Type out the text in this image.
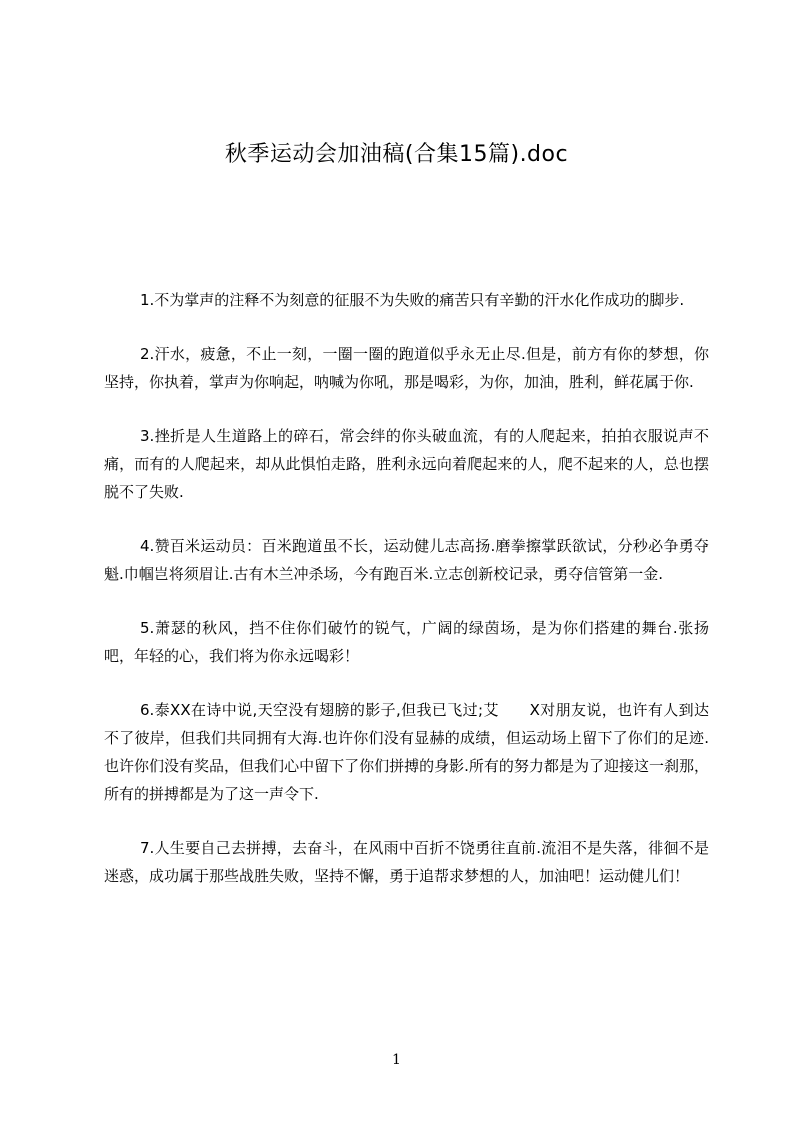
秋季运动会加油稿(合集15篇).doc

1.不为掌声的注释不为刻意的征服不为失败的痛苦只有辛勤的汗水化作成功的脚步.

2.汗水，疲惫，不止一刻，一圈一圈的跑道似乎永无止尽.但是，前方有你的梦想，你坚持，你执着，掌声为你响起，呐喊为你吼，那是喝彩，为你，加油，胜利，鲜花属于你.

3.挫折是人生道路上的碎石，常会绊的你头破血流，有的人爬起来，拍拍衣服说声不痛，而有的人爬起来，却从此惧怕走路，胜利永远向着爬起来的人，爬不起来的人，总也摆脱不了失败.

4.赞百米运动员：百米跑道虽不长，运动健儿志高扬.磨拳擦掌跃欲试，分秒必争勇夺魁.巾帼岂将须眉让.古有木兰冲杀场，今有跑百米.立志创新校记录，勇夺信管第一金.

5.萧瑟的秋风，挡不住你们破竹的锐气，广阔的绿茵场，是为你们搭建的舞台.张扬吧，年轻的心，我们将为你永远喝彩！

6.泰XX在诗中说,天空没有翅膀的影子,但我已飞过;艾　　X对朋友说，也许有人到达不了彼岸，但我们共同拥有大海.也许你们没有显赫的成绩，但运动场上留下了你们的足迹.也许你们没有奖品，但我们心中留下了你们拼搏的身影.所有的努力都是为了迎接这一刹那，所有的拼搏都是为了这一声令下.

7.人生要自己去拼搏，去奋斗，在风雨中百折不饶勇往直前.流泪不是失落，徘徊不是迷惑，成功属于那些战胜失败，坚持不懈，勇于追帮求梦想的人，加油吧！运动健儿们！

1
